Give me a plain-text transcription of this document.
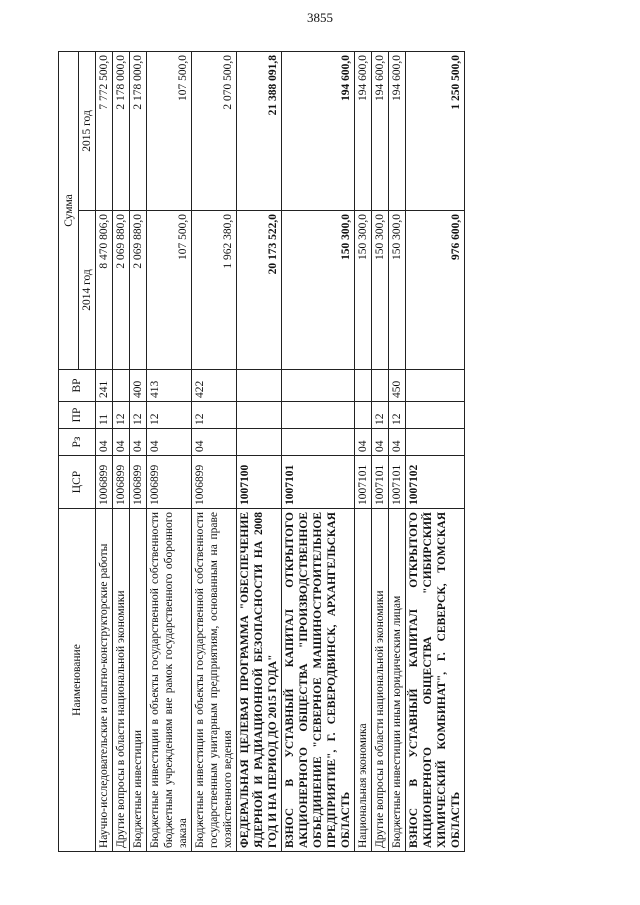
3855
Наименование	ЦСР	Рз	ПР	ВР	Сумма	
					2014 год	2015 год
Научно-исследовательские и опытно-конструкторские работы	1006899	04	11	241	8 470 806,0	7 772 500,0
Другие вопросы в области национальной экономики	1006899	04	12		2 069 880,0	2 178 000,0
Бюджетные инвестиции	1006899	04	12	400	2 069 880,0	2 178 000,0
Бюджетные инвестиции в объекты государственной собственности бюджетным учреждениям вне рамок государственного оборонного заказа	1006899	04	12	413	107 500,0	107 500,0
Бюджетные инвестиции в объекты государственной собственности государственным унитарным предприятиям, основанным на праве хозяйственного ведения	1006899	04	12	422	1 962 380,0	2 070 500,0
ФЕДЕРАЛЬНАЯ ЦЕЛЕВАЯ ПРОГРАММА "ОБЕСПЕЧЕНИЕ ЯДЕРНОЙ И РАДИАЦИОННОЙ БЕЗОПАСНОСТИ НА 2008 ГОД И НА ПЕРИОД ДО 2015 ГОДА"	1007100				20 173 522,0	21 388 091,8
ВЗНОС В УСТАВНЫЙ КАПИТАЛ ОТКРЫТОГО АКЦИОНЕРНОГО ОБЩЕСТВА "ПРОИЗВОДСТВЕННОЕ ОБЪЕДИНЕНИЕ "СЕВЕРНОЕ МАШИНОСТРОИТЕЛЬНОЕ ПРЕДПРИЯТИЕ", Г. СЕВЕРОДВИНСК, АРХАНГЕЛЬСКАЯ ОБЛАСТЬ	1007101				150 300,0	194 600,0
Национальная экономика	1007101	04			150 300,0	194 600,0
Другие вопросы в области национальной экономики	1007101	04	12		150 300,0	194 600,0
Бюджетные инвестиции иным юридическим лицам	1007101	04	12	450	150 300,0	194 600,0
ВЗНОС В УСТАВНЫЙ КАПИТАЛ ОТКРЫТОГО АКЦИОНЕРНОГО ОБЩЕСТВА "СИБИРСКИЙ ХИМИЧЕСКИЙ КОМБИНАТ", Г. СЕВЕРСК, ТОМСКАЯ ОБЛАСТЬ	1007102				976 600,0	1 250 500,0
